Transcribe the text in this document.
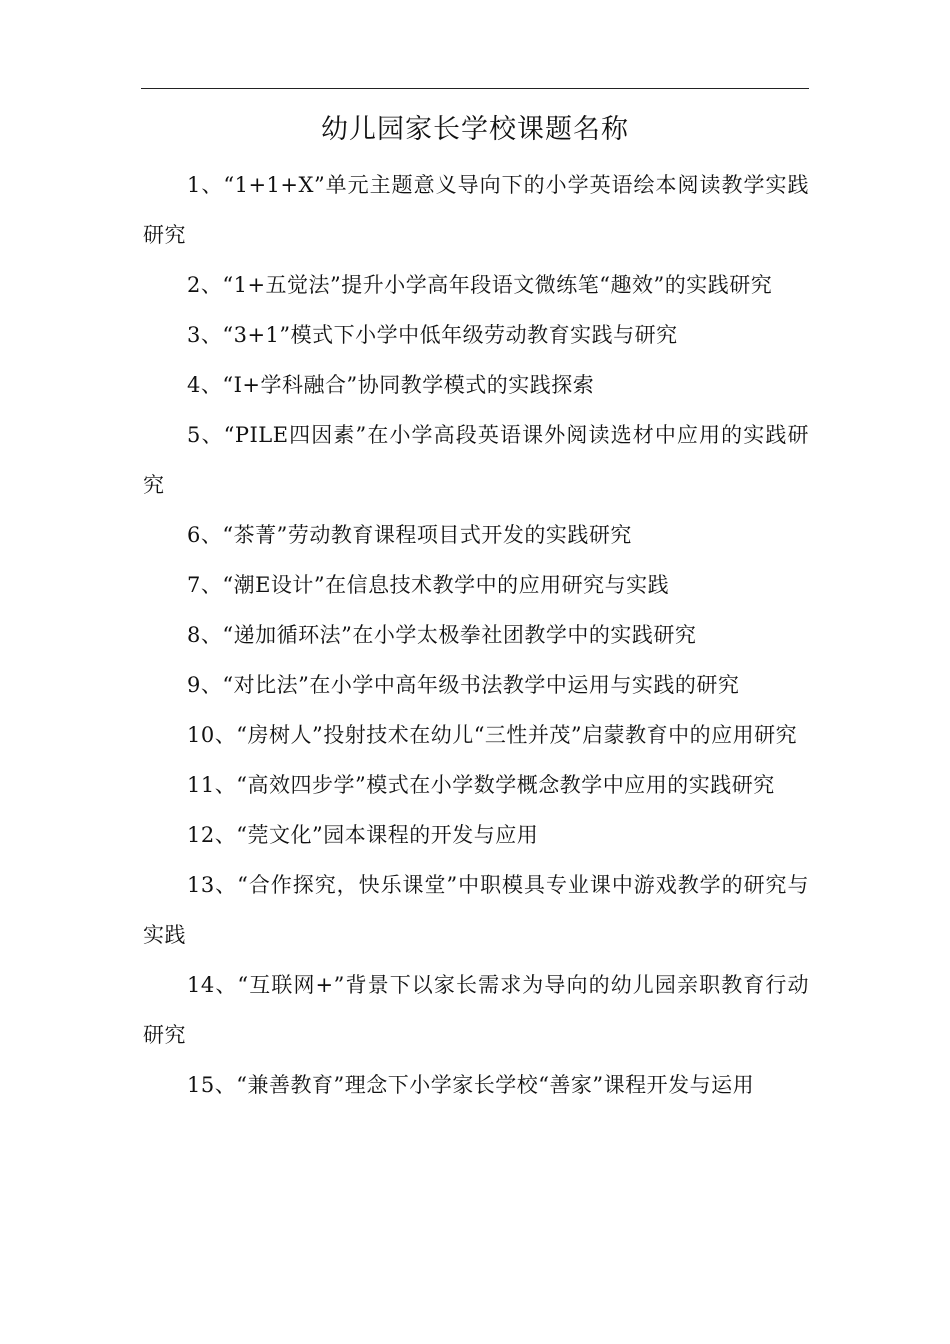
幼儿园家长学校课题名称
1、“1+1+X”单元主题意义导向下的小学英语绘本阅读教学实践研究
2、“1+五觉法”提升小学高年段语文微练笔“趣效”的实践研究
3、“3+1”模式下小学中低年级劳动教育实践与研究
4、“I+学科融合”协同教学模式的实践探索
5、“PILE四因素”在小学高段英语课外阅读选材中应用的实践研究
6、“茶菁”劳动教育课程项目式开发的实践研究
7、“潮E设计”在信息技术教学中的应用研究与实践
8、“递加循环法”在小学太极拳社团教学中的实践研究
9、“对比法”在小学中高年级书法教学中运用与实践的研究
10、“房树人”投射技术在幼儿“三性并茂”启蒙教育中的应用研究
11、“高效四步学”模式在小学数学概念教学中应用的实践研究
12、“莞文化”园本课程的开发与应用
13、“合作探究，快乐课堂”中职模具专业课中游戏教学的研究与实践
14、“互联网+”背景下以家长需求为导向的幼儿园亲职教育行动研究
15、“兼善教育”理念下小学家长学校“善家”课程开发与运用
